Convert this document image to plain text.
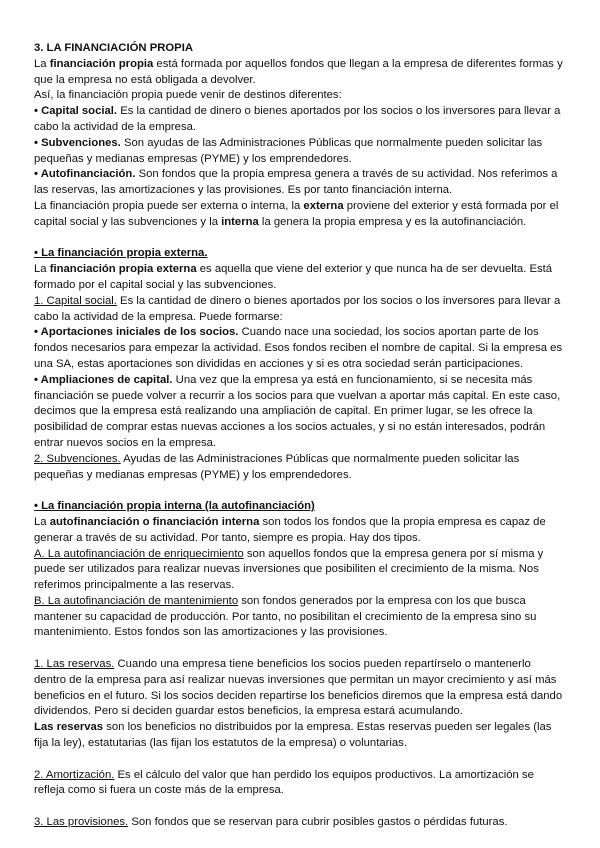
3. LA FINANCIACIÓN PROPIA

La financiación propia está formada por aquellos fondos que llegan a la empresa de diferentes formas y que la empresa no está obligada a devolver.

Así, la financiación propia puede venir de destinos diferentes:

• Capital social. Es la cantidad de dinero o bienes aportados por los socios o los inversores para llevar a cabo la actividad de la empresa.

• Subvenciones. Son ayudas de las Administraciones Públicas que normalmente pueden solicitar las pequeñas y medianas empresas (PYME) y los emprendedores.

• Autofinanciación. Son fondos que la propia empresa genera a través de su actividad. Nos referimos a las reservas, las amortizaciones y las provisiones. Es por tanto financiación interna.

La financiación propia puede ser externa o interna, la externa proviene del exterior y está formada por el capital social y las subvenciones y la interna la genera la propia empresa y es la autofinanciación.

• La financiación propia externa.

La financiación propia externa es aquella que viene del exterior y que nunca ha de ser devuelta. Está formado por el capital social y las subvenciones.

1. Capital social. Es la cantidad de dinero o bienes aportados por los socios o los inversores para llevar a cabo la actividad de la empresa. Puede formarse:

• Aportaciones iniciales de los socios. Cuando nace una sociedad, los socios aportan parte de los fondos necesarios para empezar la actividad. Esos fondos reciben el nombre de capital. Si la empresa es una SA, estas aportaciones son divididas en acciones y si es otra sociedad serán participaciones.

• Ampliaciones de capital. Una vez que la empresa ya está en funcionamiento, si se necesita más financiación se puede volver a recurrir a los socios para que vuelvan a aportar más capital. En este caso, decimos que la empresa está realizando una ampliación de capital. En primer lugar, se les ofrece la posibilidad de comprar estas nuevas acciones a los socios actuales, y si no están interesados, podrán entrar nuevos socios en la empresa.

2. Subvenciones. Ayudas de las Administraciones Públicas que normalmente pueden solicitar las pequeñas y medianas empresas (PYME) y los emprendedores.

• La financiación propia interna (la autofinanciación)

La autofinanciación o financiación interna son todos los fondos que la propia empresa es capaz de generar a través de su actividad. Por tanto, siempre es propia. Hay dos tipos.

A. La autofinanciación de enriquecimiento son aquellos fondos que la empresa genera por sí misma y puede ser utilizados para realizar nuevas inversiones que posibiliten el crecimiento de la misma. Nos referimos principalmente a las reservas.

B. La autofinanciación de mantenimiento son fondos generados por la empresa con los que busca mantener su capacidad de producción. Por tanto, no posibilitan el crecimiento de la empresa sino su mantenimiento. Estos fondos son las amortizaciones y las provisiones.

1. Las reservas. Cuando una empresa tiene beneficios los socios pueden repartírselo o mantenerlo dentro de la empresa para así realizar nuevas inversiones que permitan un mayor crecimiento y así más beneficios en el futuro. Si los socios deciden repartirse los beneficios diremos que la empresa está dando dividendos. Pero si deciden guardar estos beneficios, la empresa estará acumulando.

Las reservas son los beneficios no distribuidos por la empresa. Estas reservas pueden ser legales (las fija la ley), estatutarias (las fijan los estatutos de la empresa) o voluntarias.

2. Amortización. Es el cálculo del valor que han perdido los equipos productivos. La amortización se refleja como si fuera un coste más de la empresa.

3. Las provisiones. Son fondos que se reservan para cubrir posibles gastos o pérdidas futuras.
